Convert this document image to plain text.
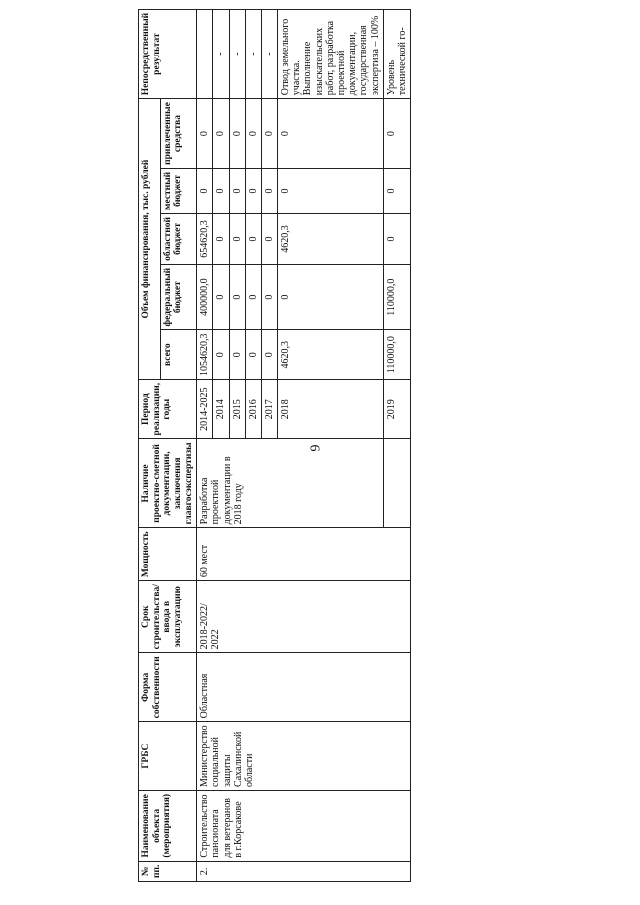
6
№ пп.	Наименование объекта (мероприятия)	ГРБС	Форма собственности	Срок строительства/ ввода в эксплуатацию	Мощность	Наличие проектно-сметной документации, заключения главгосэкспертизы	Период реализации, годы	Объем финансирования, тыс. рублей					Непосредственный результат
								всего	федеральный бюджет	областной бюджет	местный бюджет	привлеченные средства	
2.	Строительство пансионата для ветеранов в г.Корсакове	Министерство социальной защиты Сахалинской области	Областная	2018-2022/ 2022	60 мест	Разработка проектной документации в 2018 году	2014-2025	1054620,3	400000,0	654620,3	0	0	
							2014	0	0	0	0	0	-
							2015	0	0	0	0	0	-
							2016	0	0	0	0	0	-
							2017	0	0	0	0	0	-
							2018	4620,3	0	4620,3	0	0	Отвод земельного участка. Выполнение изыскательских работ, разработка проектной документации, государственная экспертиза – 100%
							2019	110000,0	110000,0	0	0	0	Уровень технической го-
